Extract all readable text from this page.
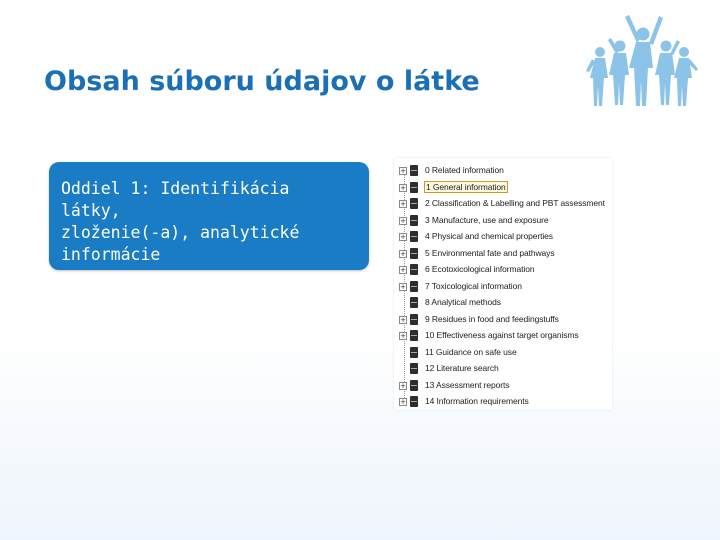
Obsah súboru údajov o látke
Oddiel 1: Identifikácia látky,
zloženie(-a), analytické
informácie
+ 0 Related information
+ 1 General information
+ 2 Classification & Labelling and PBT assessment
+ 3 Manufacture, use and exposure
+ 4 Physical and chemical properties
+ 5 Environmental fate and pathways
+ 6 Ecotoxicological information
+ 7 Toxicological information
8 Analytical methods
+ 9 Residues in food and feedingstuffs
+ 10 Effectiveness against target organisms
11 Guidance on safe use
12 Literature search
+ 13 Assessment reports
+ 14 Information requirements
